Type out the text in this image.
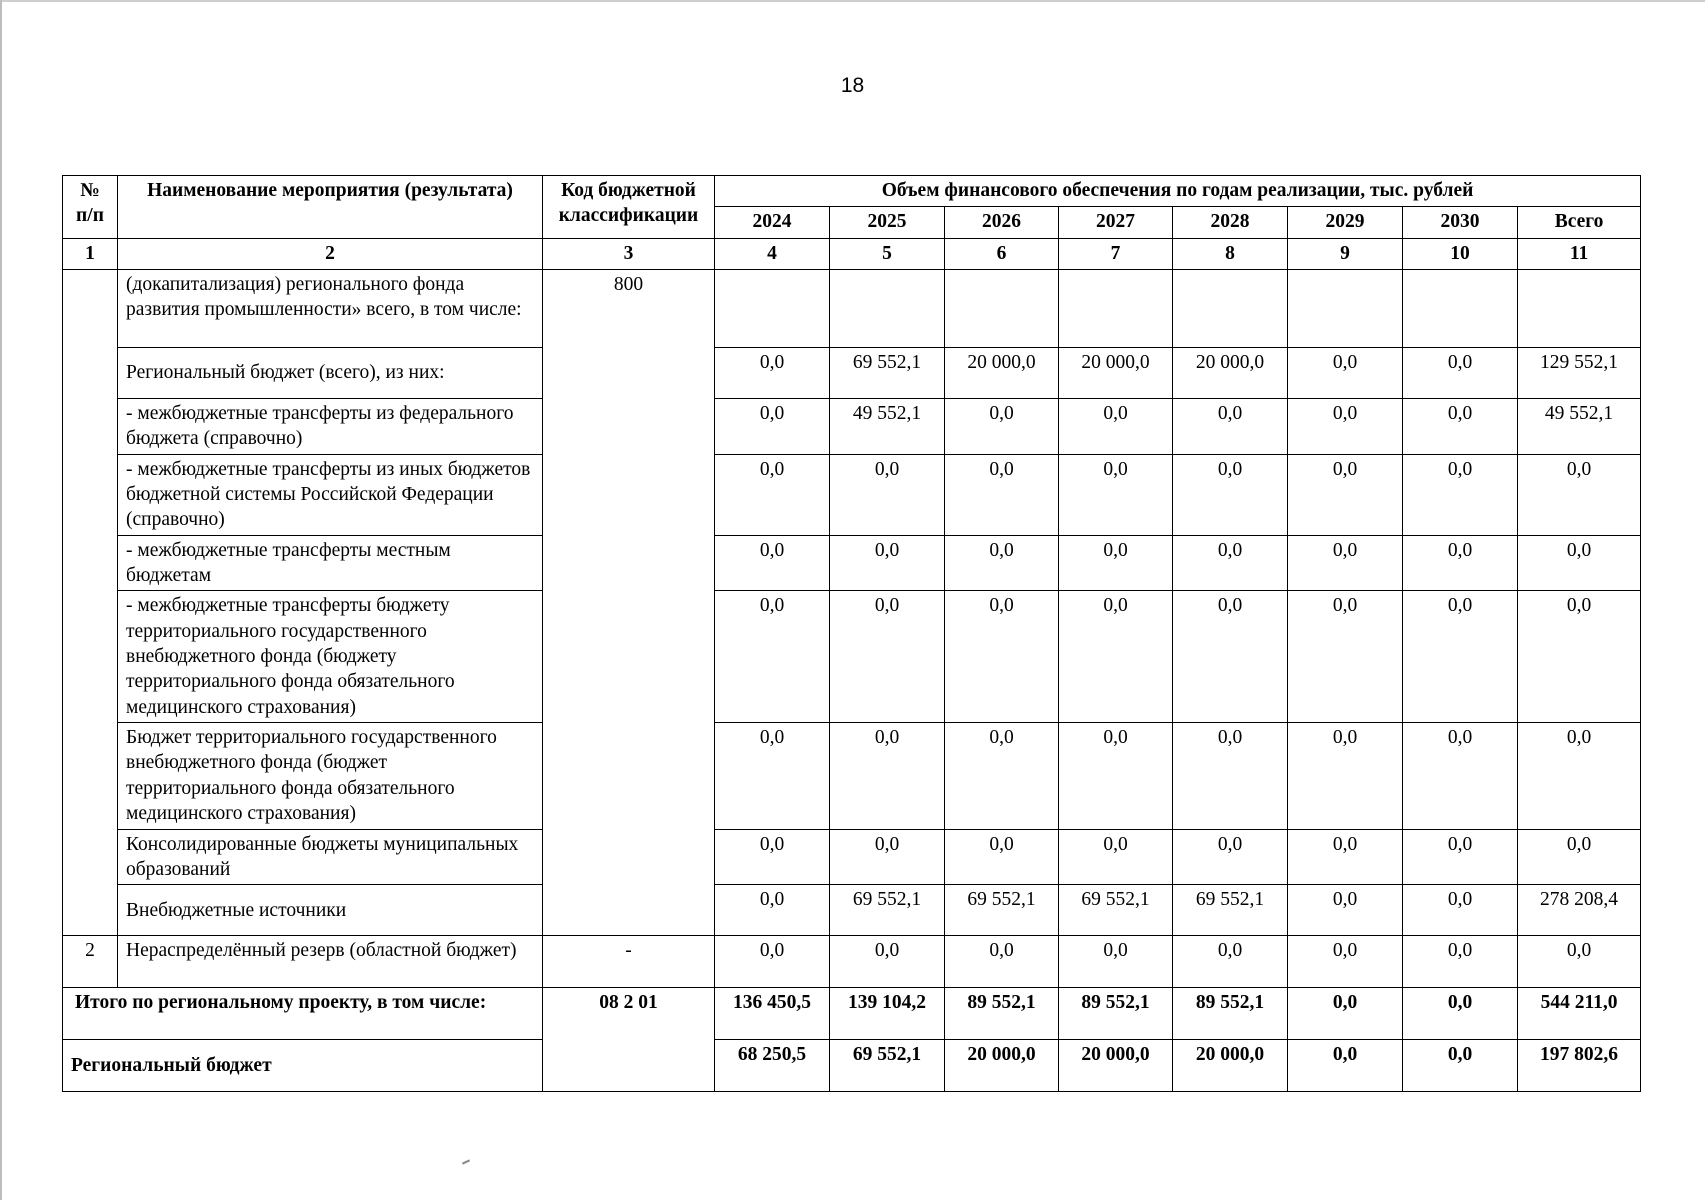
18
№ п/п	Наименование мероприятия (результата)	Код бюджетной классификации	Объем финансового обеспечения по годам реализации, тыс. рублей							
			2024	2025	2026	2027	2028	2029	2030	Всего
1	2	3	4	5	6	7	8	9	10	11
	(докапитализация) регионального фонда развития промышленности» всего, в том числе:	800								
	Региональный бюджет (всего), из них:		0,0	69 552,1	20 000,0	20 000,0	20 000,0	0,0	0,0	129 552,1
	- межбюджетные трансферты из федерального бюджета (справочно)		0,0	49 552,1	0,0	0,0	0,0	0,0	0,0	49 552,1
	- межбюджетные трансферты из иных бюджетов бюджетной системы Российской Федерации (справочно)		0,0	0,0	0,0	0,0	0,0	0,0	0,0	0,0
	- межбюджетные трансферты местным бюджетам		0,0	0,0	0,0	0,0	0,0	0,0	0,0	0,0
	- межбюджетные трансферты бюджету территориального государственного внебюджетного фонда (бюджету территориального фонда обязательного медицинского страхования)		0,0	0,0	0,0	0,0	0,0	0,0	0,0	0,0
	Бюджет территориального государственного внебюджетного фонда (бюджет территориального фонда обязательного медицинского страхования)		0,0	0,0	0,0	0,0	0,0	0,0	0,0	0,0
	Консолидированные бюджеты муниципальных образований		0,0	0,0	0,0	0,0	0,0	0,0	0,0	0,0
	Внебюджетные источники		0,0	69 552,1	69 552,1	69 552,1	69 552,1	0,0	0,0	278 208,4
2	Нераспределённый резерв (областной бюджет)	-	0,0	0,0	0,0	0,0	0,0	0,0	0,0	0,0
Итого по региональному проекту, в том числе:		08 2 01	136 450,5	139 104,2	89 552,1	89 552,1	89 552,1	0,0	0,0	544 211,0
Региональный бюджет			68 250,5	69 552,1	20 000,0	20 000,0	20 000,0	0,0	0,0	197 802,6
